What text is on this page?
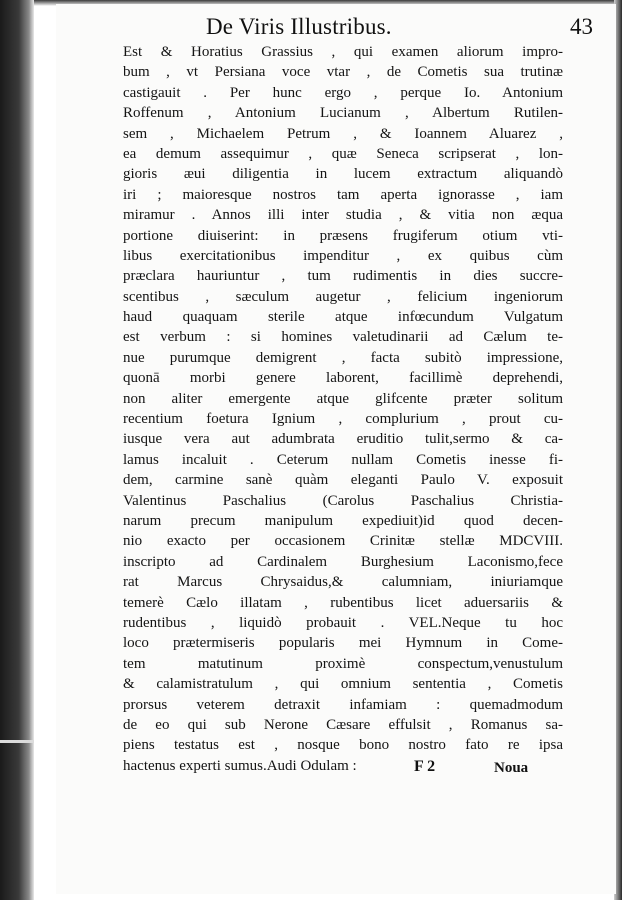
De Viris Illustribus.	43
Est & Horatius Grassius , qui examen aliorum impro-
bum , vt Persiana voce vtar , de Cometis sua trutinæ
castigauit . Per hunc ergo , perque Io. Antonium
Roffenum , Antonium Lucianum , Albertum Rutilen-
sem , Michaelem Petrum , & Ioannem Aluarez ,
ea demum assequimur , quæ Seneca scripserat , lon-
gioris æui diligentia in lucem extractum aliquandò
iri ; maioresque nostros tam aperta ignorasse , iam
miramur . Annos illi inter studia , & vitia non æqua
portione diuiserint: in præsens frugiferum otium vti-
libus exercitationibus impenditur , ex quibus cùm
præclara hauriuntur , tum rudimentis in dies succre-
scentibus , sæculum augetur , felicium ingeniorum
haud quaquam sterile atque infœcundum Vulgatum
est verbum : si homines valetudinarii ad Cælum te-
nue purumque demigrent , facta subitò impressione,
quonā morbi genere laborent, facillimè deprehendi,
non aliter emergente atque glifcente præter solitum
recentium foetura Ignium , complurium , prout cu-
iusque vera aut adumbrata eruditio tulit,sermo & ca-
lamus incaluit . Ceterum nullam Cometis inesse fi-
dem, carmine sanè quàm eleganti Paulo V. exposuit
Valentinus Paschalius (Carolus Paschalius Christia-
narum precum manipulum expediuit)id quod decen-
nio exacto per occasionem Crinitæ stellæ MDCVIII.
inscripto ad Cardinalem Burghesium Laconismo,fece
rat Marcus Chrysaidus,& calumniam, iniuriamque
temerè Cælo illatam , rubentibus licet aduersariis &
rudentibus , liquidò probauit . VEL.Neque tu hoc
loco prætermiseris popularis mei Hymnum in Come-
tem matutinum proximè conspectum,venustulum
& calamistratulum , qui omnium sententia , Cometis
prorsus veterem detraxit infamiam : quemadmodum
de eo qui sub Nerone Cæsare effulsit , Romanus sa-
piens testatus est , nosque bono nostro fato re ipsa
hactenus experti sumus.Audi Odulam :	F 2	Noua
